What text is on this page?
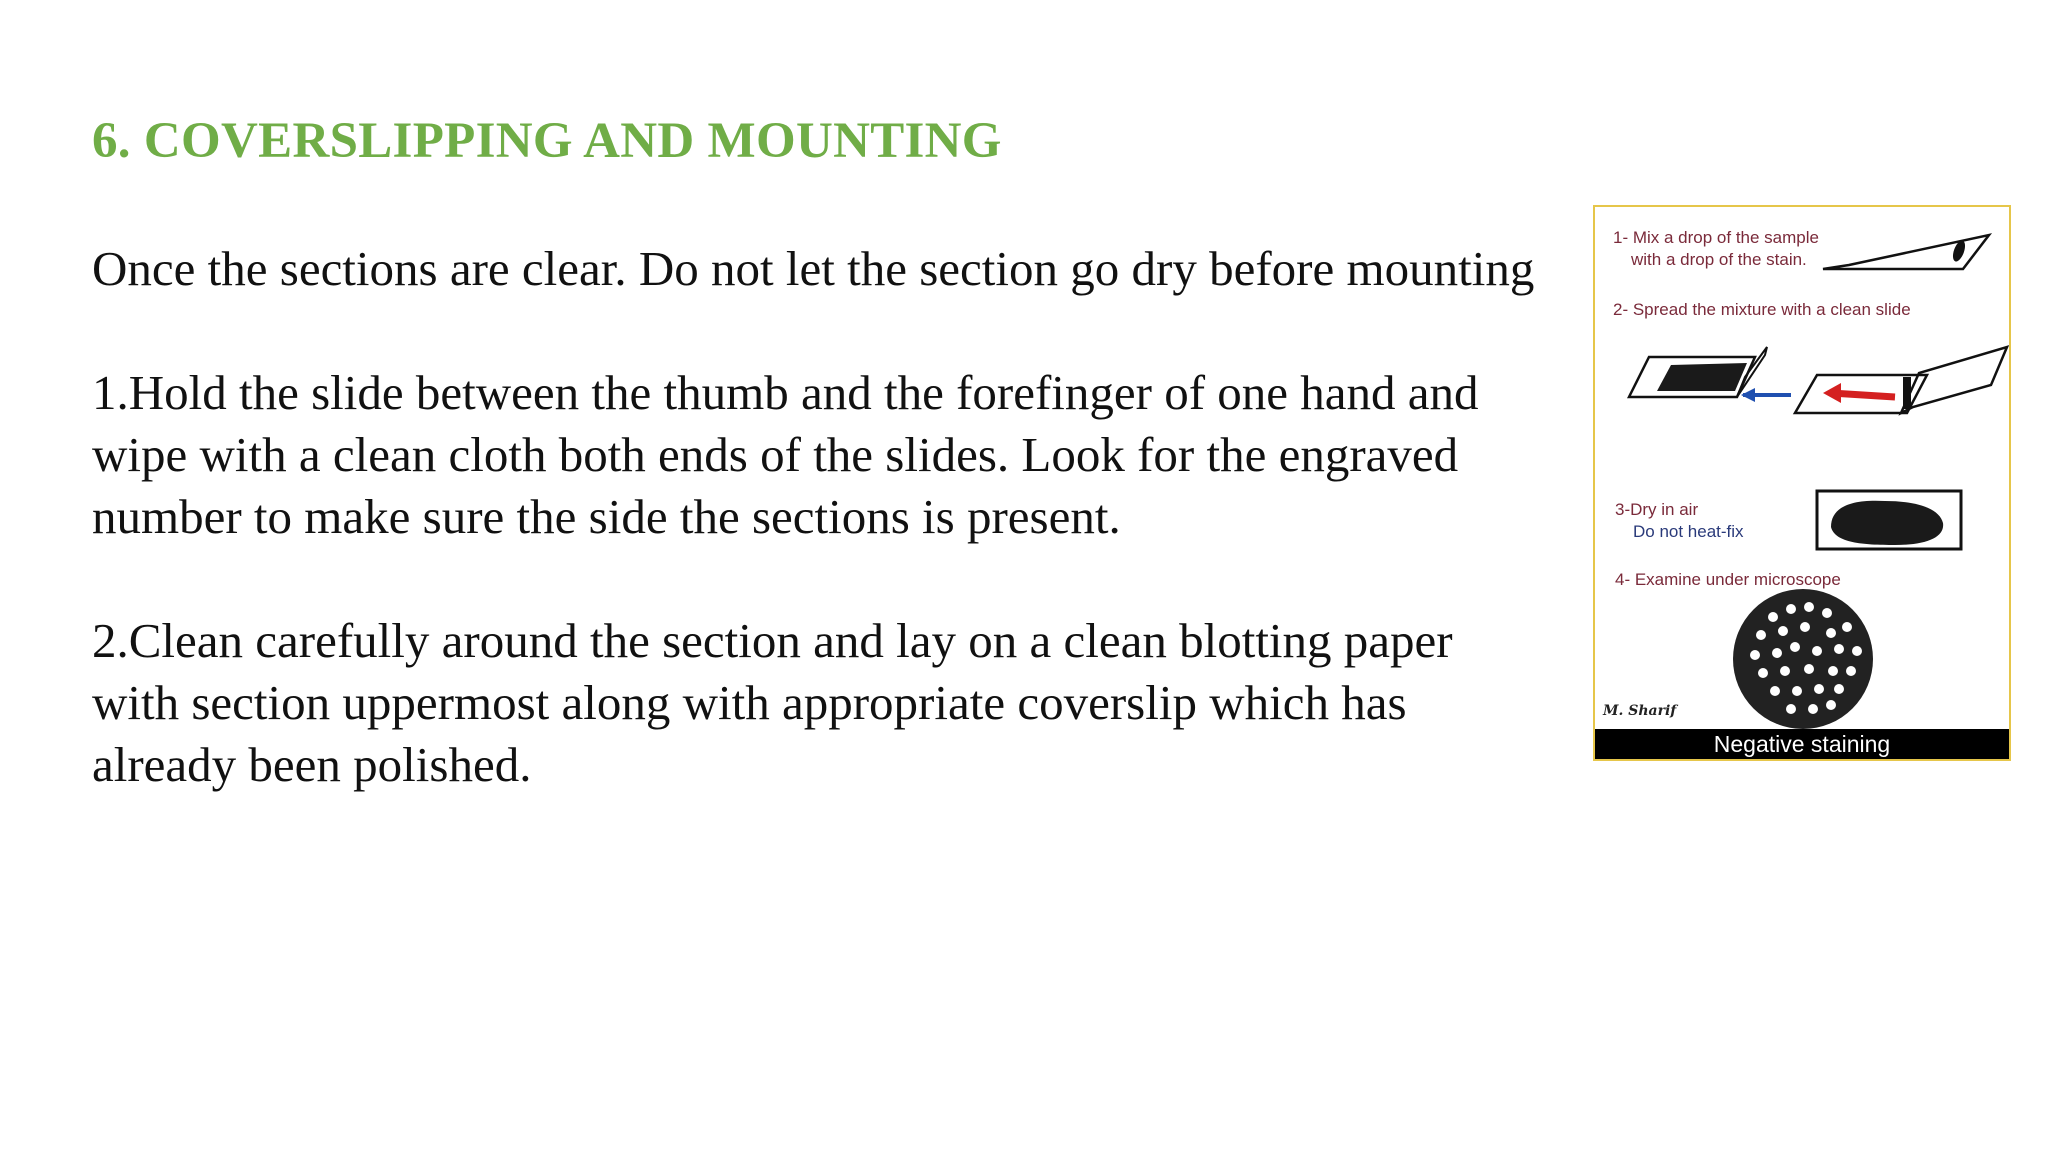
6. COVERSLIPPING AND MOUNTING

Once the sections are clear. Do not let the section go dry before mounting

1.Hold the slide between the thumb and the forefinger of one hand and wipe with a clean cloth both ends of the slides. Look for the engraved number to make sure the side the sections is present.

2.Clean carefully around the section and lay on a clean blotting paper with section uppermost along with appropriate coverslip which has already been polished.

1- Mix a drop of the sample
with a drop of the stain.
2- Spread the mixture with a clean slide
3-Dry in air
Do not heat-fix
4- Examine under microscope
M. Sharif
Negative staining
